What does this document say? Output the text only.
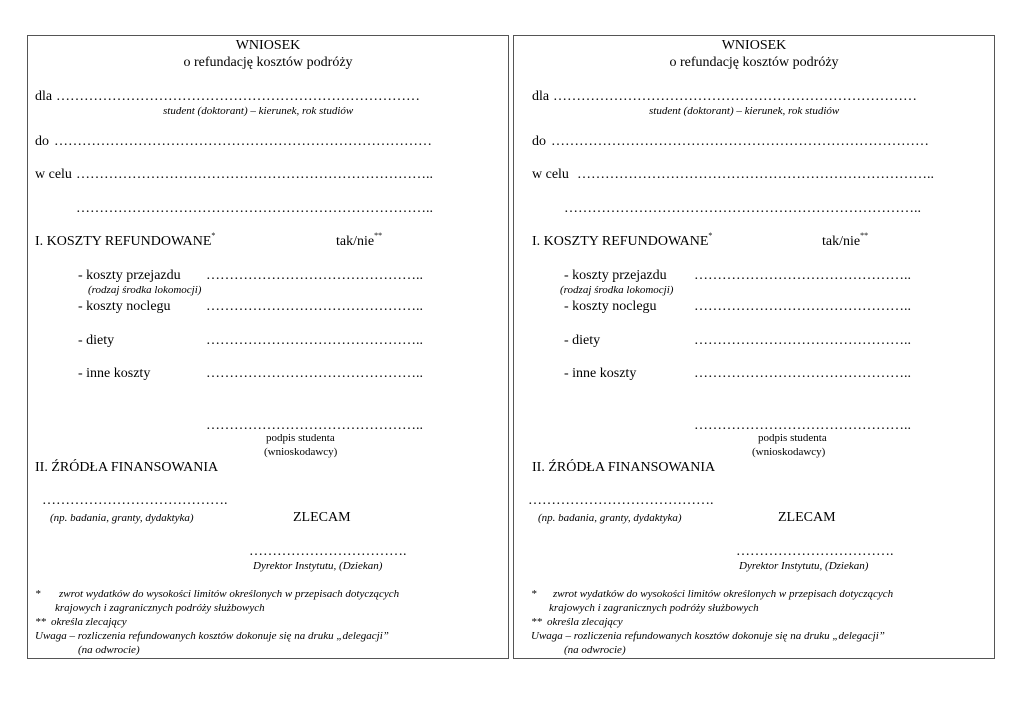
WNIOSEK
o refundację kosztów podróży
dla ……………………………………………………………………
student (doktorant) – kierunek, rok studiów
do ………………………………………………………………………
w celu …………………………………………………………………..
…………………………………………………………………..
I. KOSZTY REFUNDOWANE*	tak/nie**
- koszty przejazdu ………………………………………..
(rodzaj środka lokomocji)
- koszty noclegu	………………………………………..
- diety	………………………………………..
- inne koszty	………………………………………..
………………………………………..
podpis studenta
(wnioskodawcy)
II. ŹRÓDŁA FINANSOWANIA
………………………………….
(np. badania, granty, dydaktyka)	ZLECAM
…………………………….
Dyrektor Instytutu, (Dziekan)
* zwrot wydatków do wysokości limitów określonych w przepisach dotyczących
krajowych i zagranicznych podróży służbowych
** określa zlecający
Uwaga – rozliczenia refundowanych kosztów dokonuje się na druku „delegacji”
(na odwrocie)
WNIOSEK
o refundację kosztów podróży
dla ……………………………………………………………………
student (doktorant) – kierunek, rok studiów
do ………………………………………………………………………
w celu …………………………………………………………………..
…………………………………………………………………..
I. KOSZTY REFUNDOWANE*	tak/nie**
- koszty przejazdu ………………………………………..
(rodzaj środka lokomocji)
- koszty noclegu	………………………………………..
- diety	………………………………………..
- inne koszty	………………………………………..
………………………………………..
podpis studenta
(wnioskodawcy)
II. ŹRÓDŁA FINANSOWANIA
………………………………….
(np. badania, granty, dydaktyka)	ZLECAM
…………………………….
Dyrektor Instytutu, (Dziekan)
* zwrot wydatków do wysokości limitów określonych w przepisach dotyczących
krajowych i zagranicznych podróży służbowych
** określa zlecający
Uwaga – rozliczenia refundowanych kosztów dokonuje się na druku „delegacji”
(na odwrocie)
